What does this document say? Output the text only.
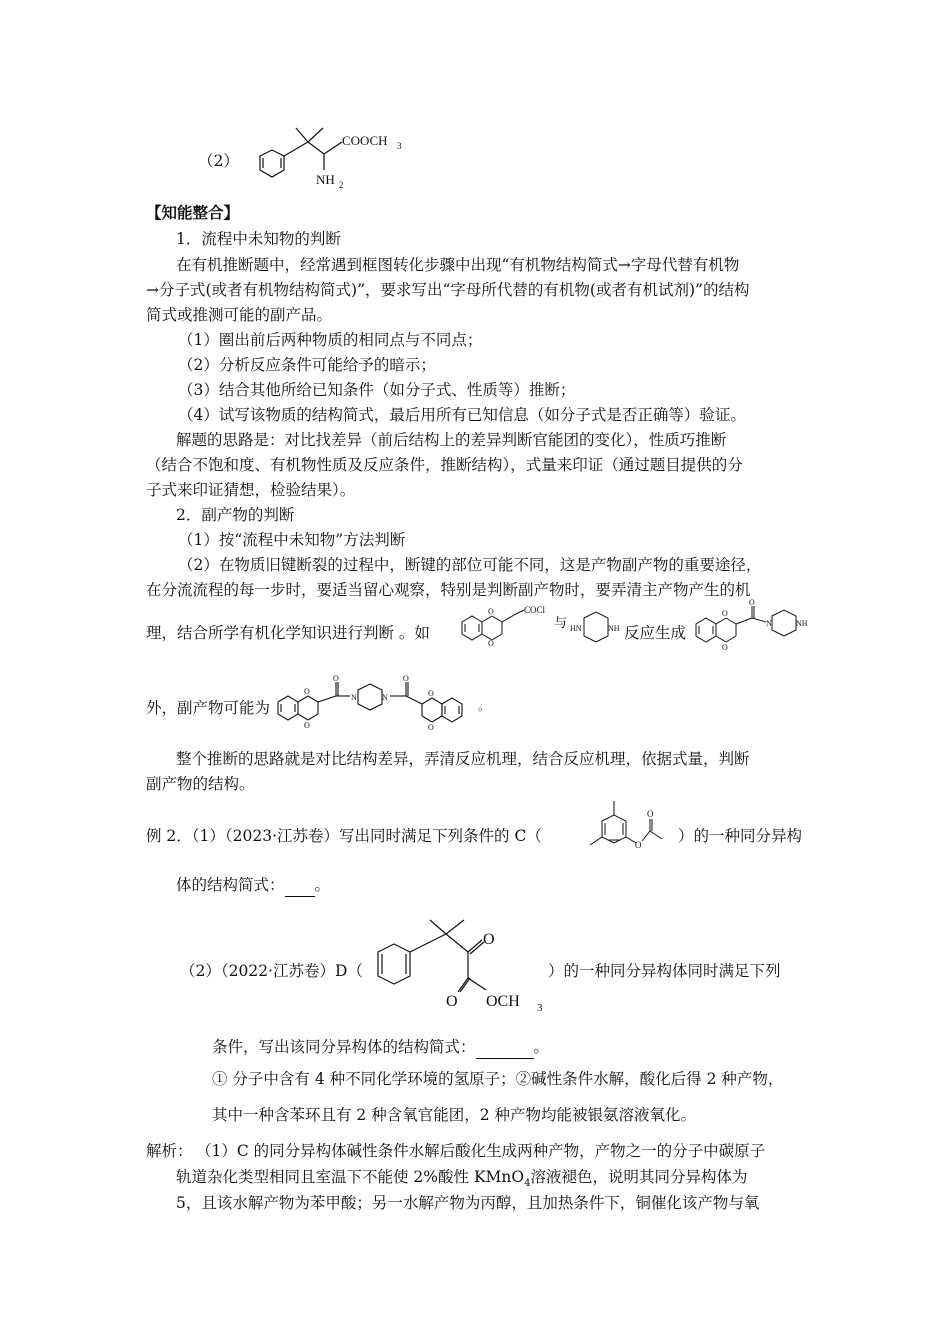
（2）
COOCH 3
NH 2
【知能整合】
1．流程中未知物的判断
在有机推断题中，经常遇到框图转化步骤中出现“有机物结构简式→字母代替有机物
→分子式(或者有机物结构简式)”，要求写出“字母所代替的有机物(或者有机试剂)”的结构
简式或推测可能的副产品。
（1）圈出前后两种物质的相同点与不同点；
（2）分析反应条件可能给予的暗示；
（3）结合其他所给已知条件（如分子式、性质等）推断；
（4）试写该物质的结构简式，最后用所有已知信息（如分子式是否正确等）验证。
解题的思路是：对比找差异（前后结构上的差异判断官能团的变化），性质巧推断
（结合不饱和度、有机物性质及反应条件，推断结构），式量来印证（通过题目提供的分
子式来印证猜想，检验结果）。
2．副产物的判断
（1）按“流程中未知物”方法判断
（2）在物质旧键断裂的过程中，断键的部位可能不同，这是产物副产物的重要途径，
在分流流程的每一步时，要适当留心观察，特别是判断副产物时，要弄清主产物产生的机
理，结合所学有机化学知识进行判断 。如
O
O
COCl
与 HN	NH 反应生成
O
O
O
N	NH
外，副产物可能为
O
O
O
N	N
O
O
O
。
整个推断的思路就是对比结构差异，弄清反应机理，结合反应机理，依据式量，判断
副产物的结构。
例 2．（1）（2023·江苏卷）写出同时满足下列条件的 C（	O
O
）的一种同分异构
体的结构简式： 。
（2）（2022·江苏卷）D（
O
O OCH 3
）的一种同分异构体同时满足下列
条件，写出该同分异构体的结构简式：	。
① 分子中含有 4 种不同化学环境的氢原子；②碱性条件水解，酸化后得 2 种产物，
其中一种含苯环且有 2 种含氧官能团，2 种产物均能被银氨溶液氧化。
解析： （1）C 的同分异构体碱性条件水解后酸化生成两种产物，产物之一的分子中碳原子
轨道杂化类型相同且室温下不能使 2%酸性 KMnO$_4$溶液褪色，说明其同分异构体为
5，且该水解产物为苯甲酸；另一水解产物为丙醇，且加热条件下，铜催化该产物与氧
